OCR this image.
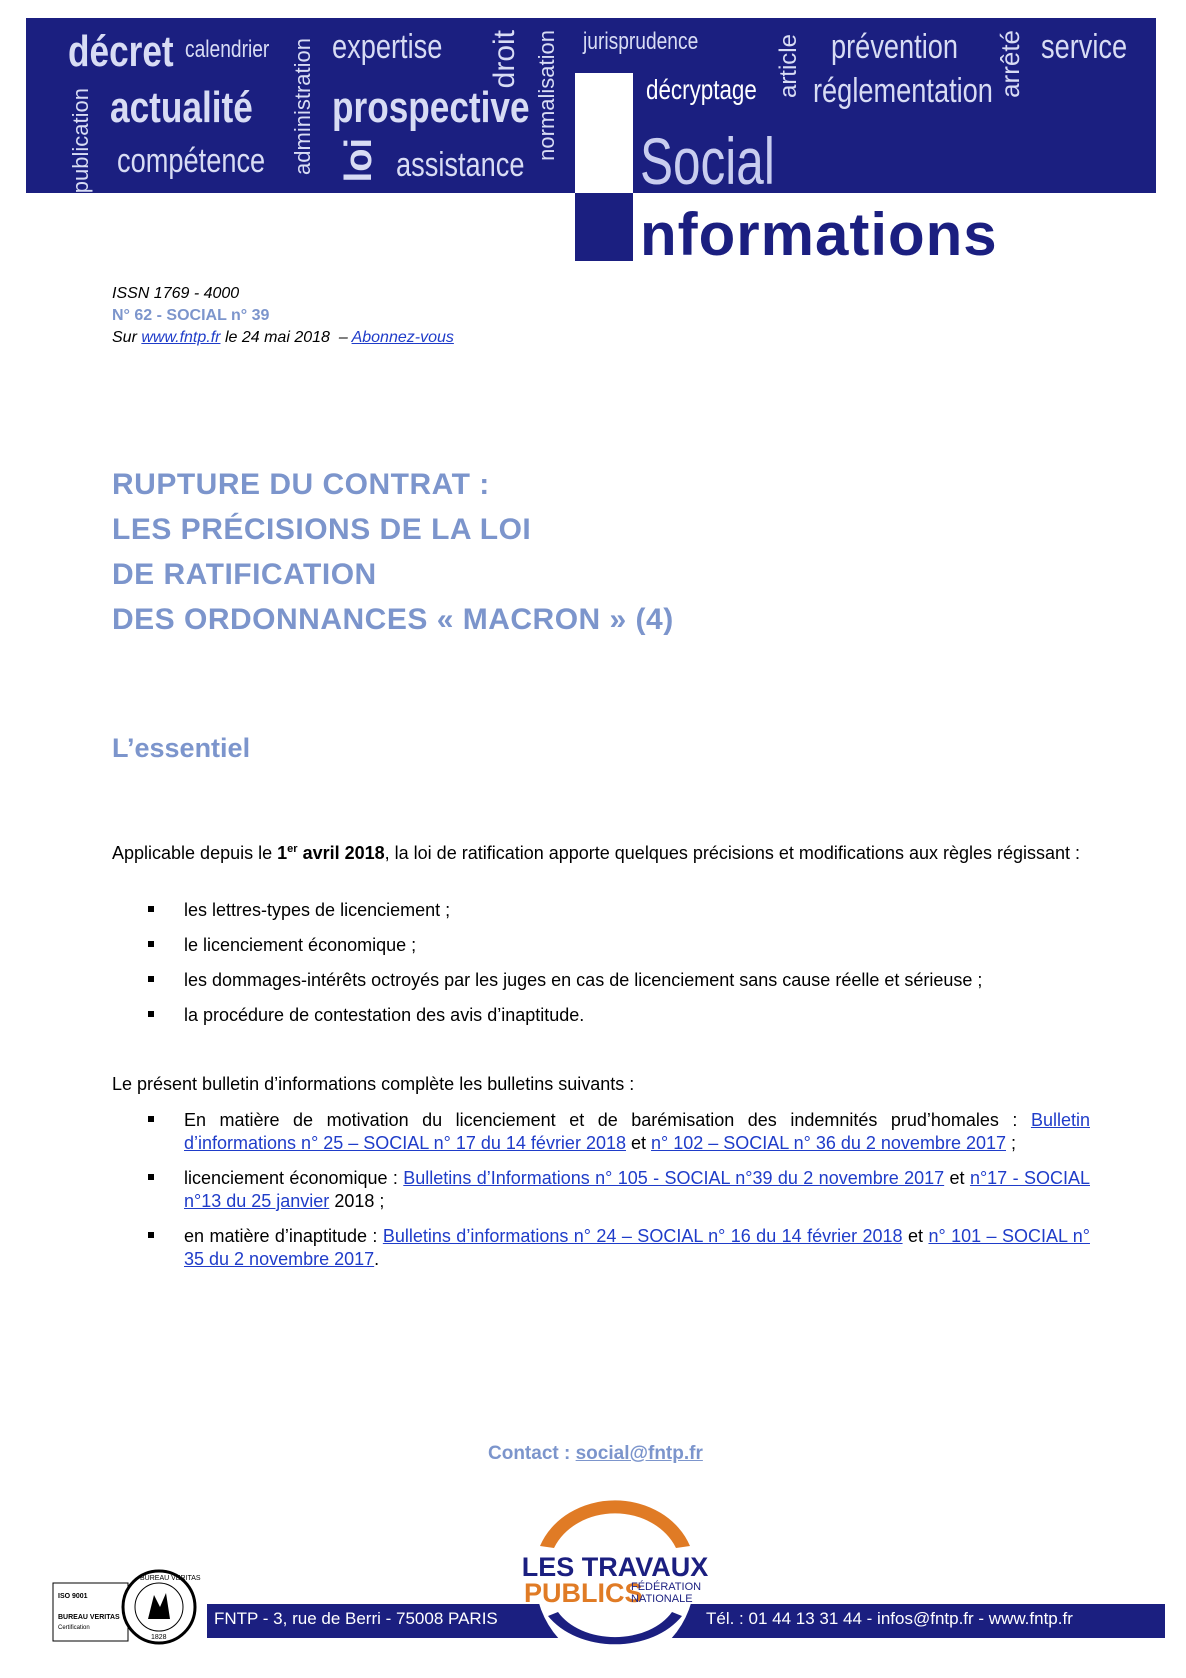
décret calendrier expertise	jurisprudence	prévention service
publication actualité administration prospective
droit normalisation	décryptage article réglementation arrêté
compétence loi assistance Social
nformations
ISSN 1769 - 4000
N° 62 - SOCIAL n° 39
Sur www.fntp.fr le 24 mai 2018 – Abonnez-vous
RUPTURE DU CONTRAT :
LES PRÉCISIONS DE LA LOI
DE RATIFICATION
DES ORDONNANCES « MACRON » (4)
L’essentiel
Applicable depuis le 1er avril 2018, la loi de ratification apporte quelques précisions et modifications aux règles régissant :
les lettres-types de licenciement ;
le licenciement économique ;
les dommages-intérêts octroyés par les juges en cas de licenciement sans cause réelle et sérieuse ;
la procédure de contestation des avis d’inaptitude.
Le présent bulletin d’informations complète les bulletins suivants :
En matière de motivation du licenciement et de barémisation des indemnités prud’homales : Bulletin d’informations n° 25 – SOCIAL n° 17 du 14 février 2018 et n° 102 – SOCIAL n° 36 du 2 novembre 2017 ;
licenciement économique : Bulletins d’Informations n° 105 - SOCIAL n°39 du 2 novembre 2017 et n°17 - SOCIAL n°13 du 25 janvier 2018 ;
en matière d’inaptitude : Bulletins d’informations n° 24 – SOCIAL n° 16 du 14 février 2018 et n° 101 – SOCIAL n° 35 du 2 novembre 2017.
Contact : social@fntp.fr
FNTP - 3, rue de Berri - 75008 PARIS	Tél. : 01 44 13 31 44 - infos@fntp.fr - www.fntp.fr
LES TRAVAUX
PUBLICS
FÉDÉRATION
NATIONALE
ISO 9001
BUREAU VERITAS
Certification
BUREAU VERITAS
1828
